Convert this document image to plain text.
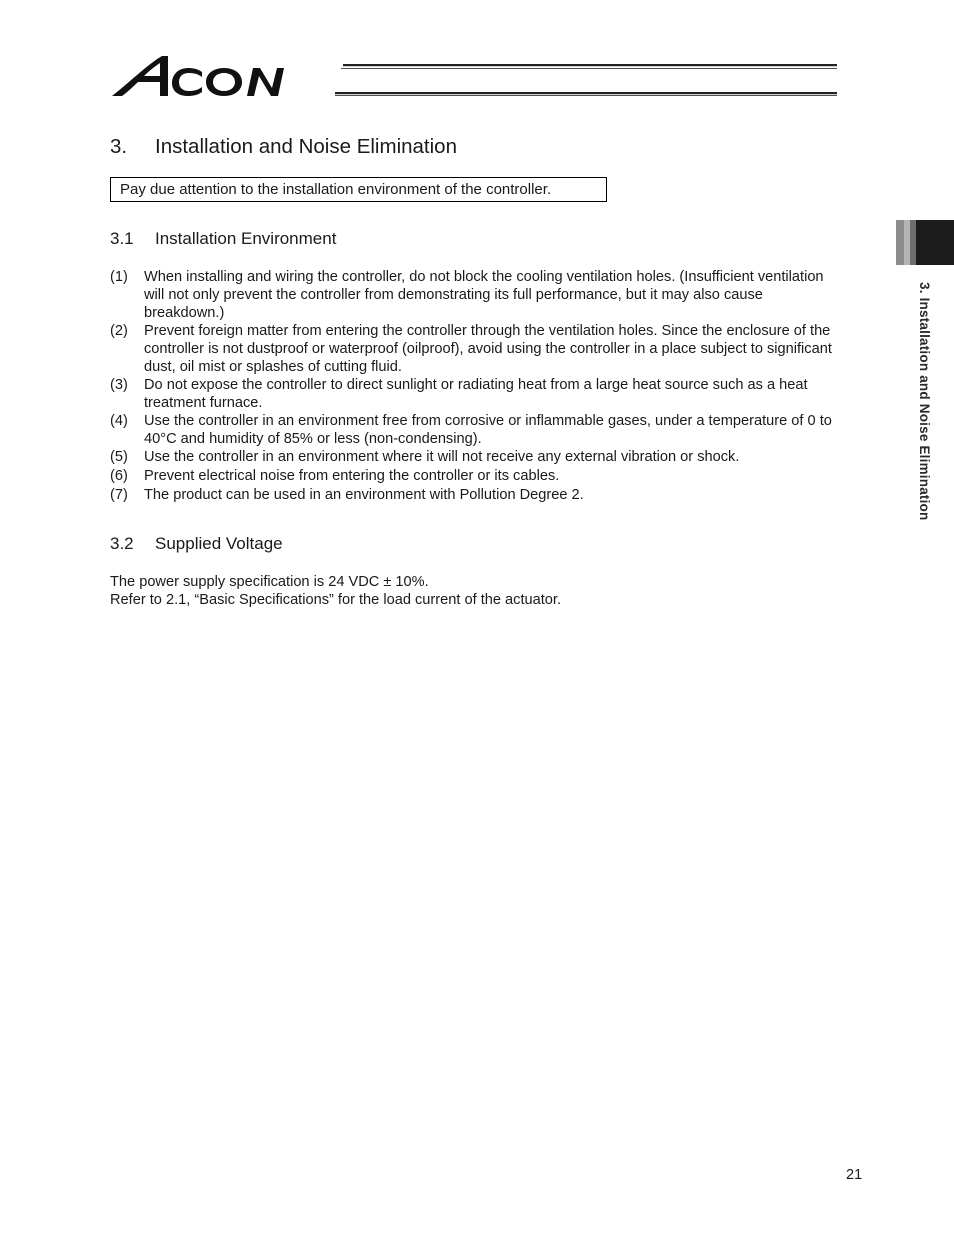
3. Installation and Noise Elimination
Pay due attention to the installation environment of the controller.
3.1 Installation Environment
(1) When installing and wiring the controller, do not block the cooling ventilation holes. (Insufficient ventilation will not only prevent the controller from demonstrating its full performance, but it may also cause breakdown.)
(2) Prevent foreign matter from entering the controller through the ventilation holes. Since the enclosure of the controller is not dustproof or waterproof (oilproof), avoid using the controller in a place subject to significant dust, oil mist or splashes of cutting fluid.
(3) Do not expose the controller to direct sunlight or radiating heat from a large heat source such as a heat treatment furnace.
(4) Use the controller in an environment free from corrosive or inflammable gases, under a temperature of 0 to 40°C and humidity of 85% or less (non-condensing).
(5) Use the controller in an environment where it will not receive any external vibration or shock.
(6) Prevent electrical noise from entering the controller or its cables.
(7) The product can be used in an environment with Pollution Degree 2.
3.2 Supplied Voltage
The power supply specification is 24 VDC ± 10%.
Refer to 2.1, “Basic Specifications” for the load current of the actuator.
3. Installation and Noise Elimination
21
